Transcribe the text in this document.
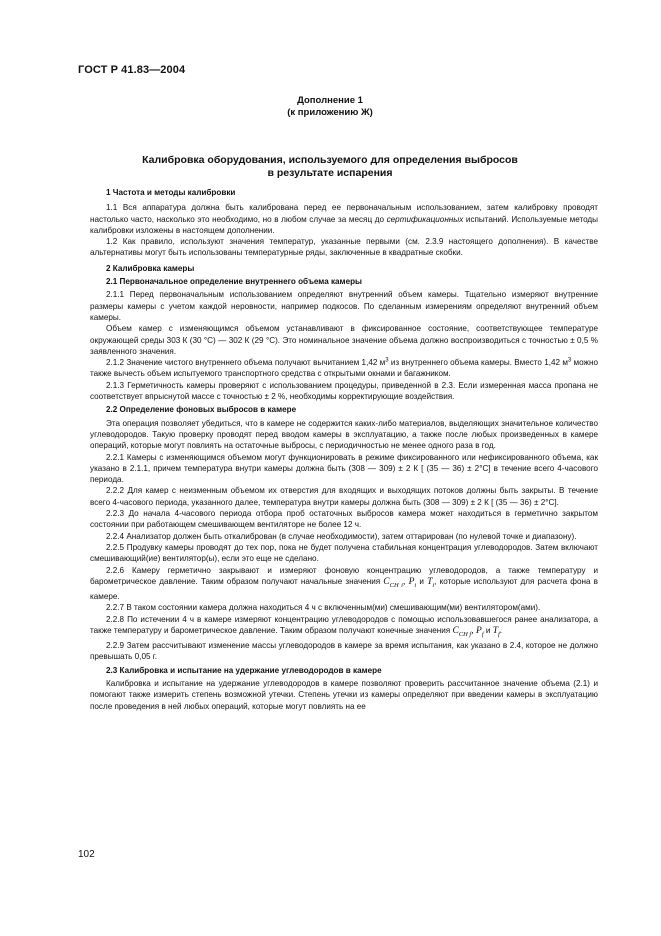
ГОСТ Р 41.83—2004
Дополнение 1
(к приложению Ж)
Калибровка оборудования, используемого для определения выбросов
в результате испарения

1 Частота и методы калибровки

1.1 Вся аппаратура должна быть калибрована перед ее первоначальным использованием, затем калибровку проводят настолько часто, насколько это необходимо, но в любом случае за месяц до сертификационных испытаний. Используемые методы калибровки изложены в настоящем дополнении.

1.2 Как правило, используют значения температур, указанные первыми (см. 2.3.9 настоящего дополнения). В качестве альтернативы могут быть использованы температурные ряды, заключенные в квадратные скобки.

2 Калибровка камеры

2.1 Первоначальное определение внутреннего объема камеры

2.1.1 Перед первоначальным использованием определяют внутренний объем камеры. Тщательно измеряют внутренние размеры камеры с учетом каждой неровности, например подкосов. По сделанным измерениям определяют внутренний объем камеры.

Объем камер с изменяющимся объемом устанавливают в фиксированное состояние, соответствующее температуре окружающей среды 303 К (30 °С) — 302 К (29 °С). Это номинальное значение объема должно воспроизводиться с точностью ± 0,5 % заявленного значения.

2.1.2 Значение чистого внутреннего объема получают вычитанием 1,42 $м^3$ из внутреннего объема камеры. Вместо 1,42 $м^3$ можно также вычесть объем испытуемого транспортного средства с открытыми окнами и багажником.

2.1.3 Герметичность камеры проверяют с использованием процедуры, приведенной в 2.3. Если измеренная масса пропана не соответствует впрыснутой массе с точностью ± 2 %, необходимы корректирующие воздействия.

2.2 Определение фоновых выбросов в камере

Эта операция позволяет убедиться, что в камере не содержится каких-либо материалов, выделяющих значительное количество углеводородов. Такую проверку проводят перед вводом камеры в эксплуатацию, а также после любых произведенных в камере операций, которые могут повлиять на остаточные выбросы, с периодичностью не менее одного раза в год.

2.2.1 Камеры с изменяющимся объемом могут функционировать в режиме фиксированного или нефиксированного объема, как указано в 2.1.1, причем температура внутри камеры должна быть (308 — 309) ± 2 К [ (35 — 36) ± 2°С] в течение всего 4-часового периода.

2.2.2 Для камер с неизменным объемом их отверстия для входящих и выходящих потоков должны быть закрыты. В течение всего 4-часового периода, указанного далее, температура внутри камеры должна быть (308 — 309) ± 2 К [ (35 — 36) ± 2°С].

2.2.3 До начала 4-часового периода отбора проб остаточных выбросов камера может находиться в герметично закрытом состоянии при работающем смешивающем вентиляторе не более 12 ч.

2.2.4 Анализатор должен быть откалиброван (в случае необходимости), затем оттарирован (по нулевой точке и диапазону).

2.2.5 Продувку камеры проводят до тех пор, пока не будет получена стабильная концентрация углеводородов. Затем включают смешивающий(ие) вентилятор(ы), если это еще не сделано.

2.2.6 Камеру герметично закрывают и измеряют фоновую концентрацию углеводородов, а также температуру и барометрическое давление. Таким образом получают начальные значения $C_{CH i}$, $P_i$ и $T_i$, которые используют для расчета фона в камере.

2.2.7 В таком состоянии камера должна находиться 4 ч с включенным(ми) смешивающим(ми) вентилятором(ами).

2.2.8 По истечении 4 ч в камере измеряют концентрацию углеводородов с помощью использовавшегося ранее анализатора, а также температуру и барометрическое давление. Таким образом получают конечные значения $C_{CH f}$, $P_f$ и $T_f$.

2.2.9 Затем рассчитывают изменение массы углеводородов в камере за время испытания, как указано в 2.4, которое не должно превышать 0,05 г.

2.3 Калибровка и испытание на удержание углеводородов в камере

Калибровка и испытание на удержание углеводородов в камере позволяют проверить рассчитанное значение объема (2.1) и помогают также измерить степень возможной утечки. Степень утечки из камеры определяют при введении камеры в эксплуатацию после проведения в ней любых операций, которые могут повлиять на ее

102
